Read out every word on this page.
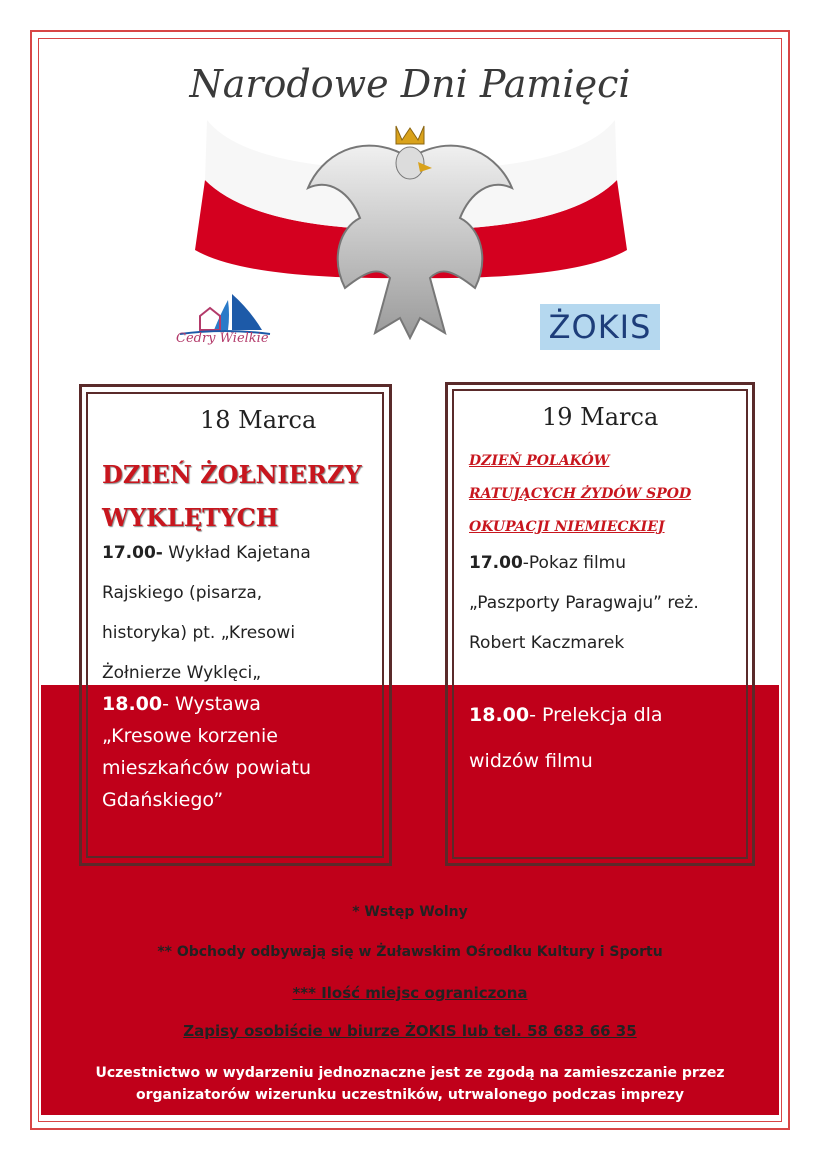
Narodowe Dni Pamięci
Cedry Wielkie	ŻOKIS
18 Marca
DZIEŃ ŻOŁNIERZY WYKLĘTYCH
17.00- Wykład Kajetana
Rajskiego (pisarza,
historyka) pt. „Kresowi
Żołnierze Wyklęci„
18.00- Wystawa
„Kresowe korzenie
mieszkańców powiatu
Gdańskiego”
19 Marca
DZIEŃ POLAKÓW
RATUJĄCYCH ŻYDÓW SPOD
OKUPACJI NIEMIECKIEJ
17.00-Pokaz filmu
„Paszporty Paragwaju” reż.
Robert Kaczmarek
18.00- Prelekcja dla
widzów filmu
* Wstęp Wolny
** Obchody odbywają się w Żuławskim Ośrodku Kultury i Sportu
*** Ilość miejsc ograniczona
Zapisy osobiście w biurze ŻOKIS lub tel. 58 683 66 35
Uczestnictwo w wydarzeniu jednoznaczne jest ze zgodą na zamieszczanie przez
organizatorów wizerunku uczestników, utrwalonego podczas imprezy
